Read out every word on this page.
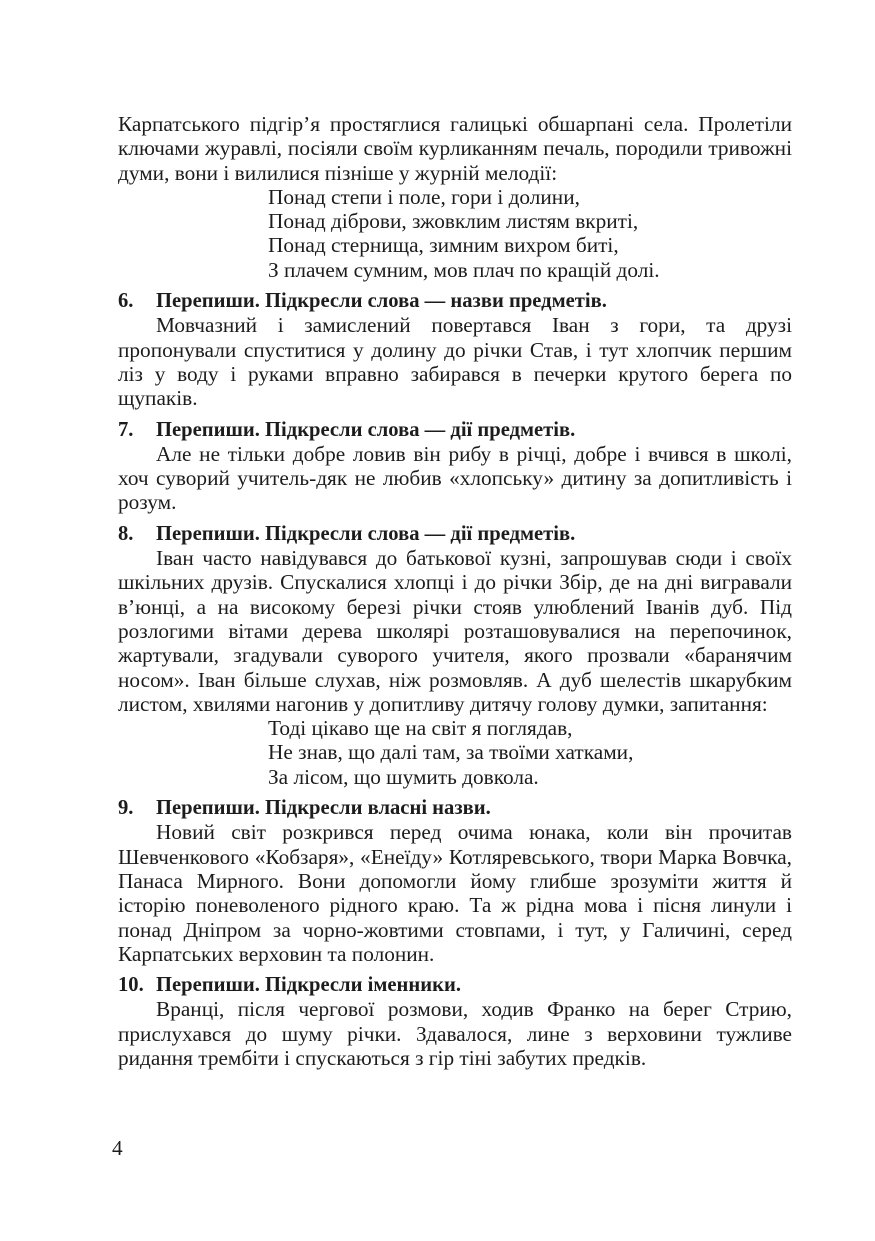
Карпатського підгір’я простяглися галицькі обшарпані села. Пролетіли ключами журавлі, посіяли своїм курликанням печаль, породили тривожні думи, вони і вилилися пізніше у журній мелодії:

Понад степи і поле, гори і долини,
Понад діброви, зжовклим листям вкриті,
Понад стернища, зимним вихром биті,
З плачем сумним, мов плач по кращій долі.
6. Перепиши. Підкресли слова — назви предметів.

Мовчазний і замислений повертався Іван з гори, та друзі пропонували спуститися у долину до річки Став, і тут хлопчик першим ліз у воду і руками вправно забирався в печерки крутого берега по щупаків.

7. Перепиши. Підкресли слова — дії предметів.

Але не тільки добре ловив він рибу в річці, добре і вчився в школі, хоч суворий учитель-дяк не любив «хлопську» дитину за допитливість і розум.

8. Перепиши. Підкресли слова — дії предметів.

Іван часто навідувався до батькової кузні, запрошував сюди і своїх шкільних друзів. Спускалися хлопці і до річки Збір, де на дні вигравали в’юнці, а на високому березі річки стояв улюблений Іванів дуб. Під розлогими вітами дерева школярі розташовувалися на перепочинок, жартували, згадували суворого учителя, якого прозвали «баранячим носом». Іван більше слухав, ніж розмовляв. А дуб шелестів шкарубким листом, хвилями нагонив у допитливу дитячу голову думки, запитання:

Тоді цікаво ще на світ я поглядав,
Не знав, що далі там, за твоїми хатками,
За лісом, що шумить довкола.
9. Перепиши. Підкресли власні назви.

Новий світ розкрився перед очима юнака, коли він прочитав Шевченкового «Кобзаря», «Енеїду» Котляревського, твори Марка Вовчка, Панаса Мирного. Вони допомогли йому глибше зрозуміти життя й історію поневоленого рідного краю. Та ж рідна мова і пісня линули і понад Дніпром за чорно-жовтими стовпами, і тут, у Галичині, серед Карпатських верховин та полонин.

10. Перепиши. Підкресли іменники.

Вранці, після чергової розмови, ходив Франко на берег Стрию, прислухався до шуму річки. Здавалося, лине з верховини тужливе ридання трембіти і спускаються з гір тіні забутих предків.

4
